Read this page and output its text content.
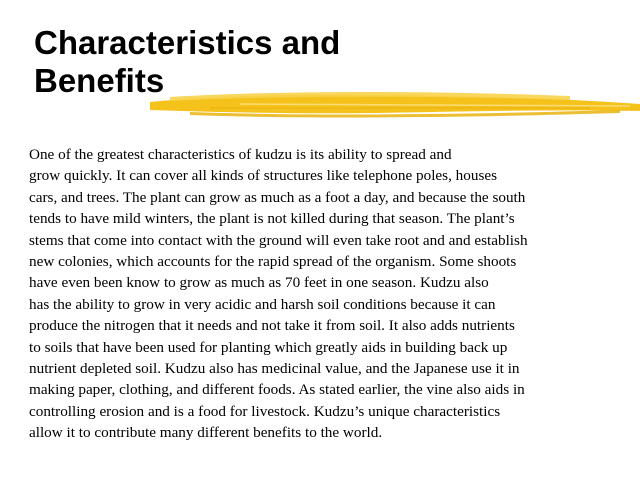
Characteristics and
Benefits
One of the greatest characteristics of kudzu is its ability to spread and
grow quickly. It can cover all kinds of structures like telephone poles, houses
cars, and trees. The plant can grow as much as a foot a day, and because the south
tends to have mild winters, the plant is not killed during that season. The plant’s
stems that come into contact with the ground will even take root and and establish
new colonies, which accounts for the rapid spread of the organism. Some shoots
have even been know to grow as much as 70 feet in one season. Kudzu also
has the ability to grow in very acidic and harsh soil conditions because it can
produce the nitrogen that it needs and not take it from soil. It also adds nutrients
to soils that have been used for planting which greatly aids in building back up
nutrient depleted soil. Kudzu also has medicinal value, and the Japanese use it in
making paper, clothing, and different foods. As stated earlier, the vine also aids in
controlling erosion and is a food for livestock. Kudzu’s unique characteristics
allow it to contribute many different benefits to the world.
